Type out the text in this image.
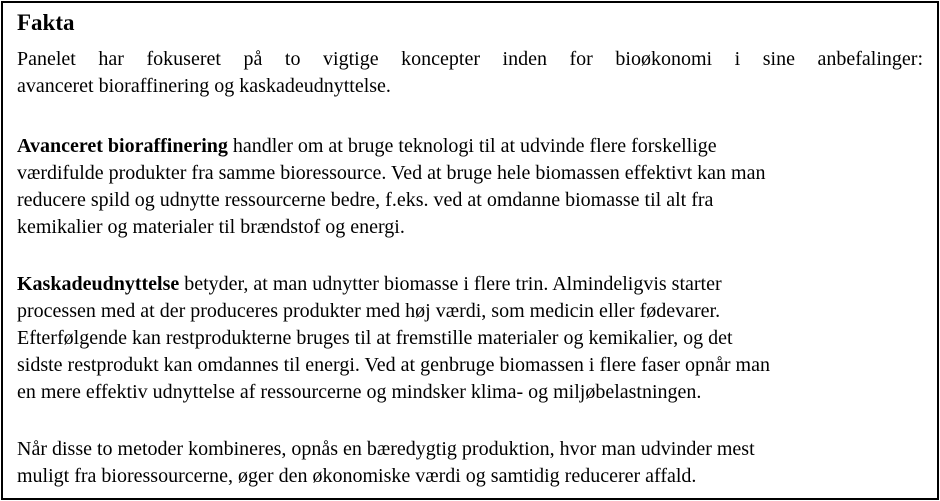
Fakta

Panelet har fokuseret på to vigtige koncepter inden for bioøkonomi i sine anbefalinger:
avanceret bioraffinering og kaskadeudnyttelse.

Avanceret bioraffinering handler om at bruge teknologi til at udvinde flere forskellige
værdifulde produkter fra samme bioressource. Ved at bruge hele biomassen effektivt kan man
reducere spild og udnytte ressourcerne bedre, f.eks. ved at omdanne biomasse til alt fra
kemikalier og materialer til brændstof og energi.

Kaskadeudnyttelse betyder, at man udnytter biomasse i flere trin. Almindeligvis starter
processen med at der produceres produkter med høj værdi, som medicin eller fødevarer.
Efterfølgende kan restprodukterne bruges til at fremstille materialer og kemikalier, og det
sidste restprodukt kan omdannes til energi. Ved at genbruge biomassen i flere faser opnår man
en mere effektiv udnyttelse af ressourcerne og mindsker klima- og miljøbelastningen.

Når disse to metoder kombineres, opnås en bæredygtig produktion, hvor man udvinder mest
muligt fra bioressourcerne, øger den økonomiske værdi og samtidig reducerer affald.
